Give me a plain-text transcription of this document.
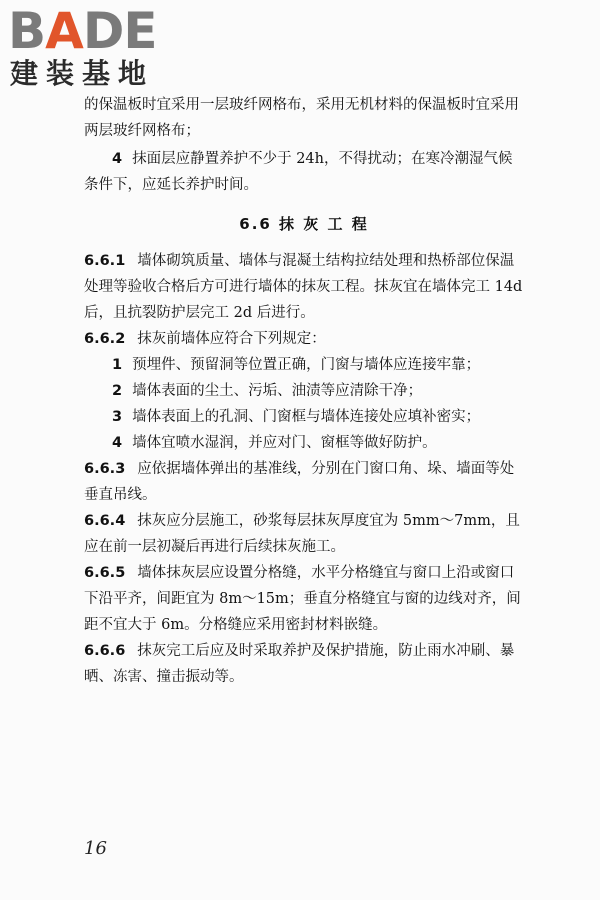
BADE
建装基地

的保温板时宜采用一层玻纤网格布，采用无机材料的保温板时宜采用两层玻纤网格布；

4 抹面层应静置养护不少于 24h，不得扰动；在寒冷潮湿气候条件下，应延长养护时间。

6.6 抹 灰 工 程

6.6.1 墙体砌筑质量、墙体与混凝土结构拉结处理和热桥部位保温处理等验收合格后方可进行墙体的抹灰工程。抹灰宜在墙体完工 14d 后，且抗裂防护层完工 2d 后进行。

6.6.2 抹灰前墙体应符合下列规定：

1 预埋件、预留洞等位置正确，门窗与墙体应连接牢靠；

2 墙体表面的尘土、污垢、油渍等应清除干净；

3 墙体表面上的孔洞、门窗框与墙体连接处应填补密实；

4 墙体宜喷水湿润，并应对门、窗框等做好防护。

6.6.3 应依据墙体弹出的基准线，分别在门窗口角、垛、墙面等处垂直吊线。

6.6.4 抹灰应分层施工，砂浆每层抹灰厚度宜为 5mm～7mm，且应在前一层初凝后再进行后续抹灰施工。

6.6.5 墙体抹灰层应设置分格缝，水平分格缝宜与窗口上沿或窗口下沿平齐，间距宜为 8m～15m；垂直分格缝宜与窗的边线对齐，间距不宜大于 6m。分格缝应采用密封材料嵌缝。

6.6.6 抹灰完工后应及时采取养护及保护措施，防止雨水冲刷、暴晒、冻害、撞击振动等。

16
